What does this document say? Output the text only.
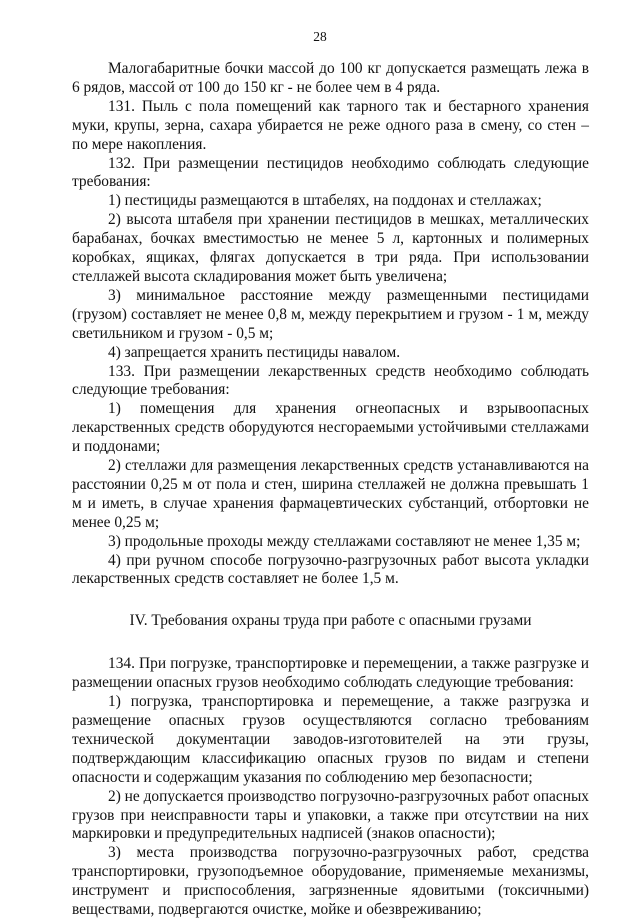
28

Малогабаритные бочки массой до 100 кг допускается размещать лежа в 6 рядов, массой от 100 до 150 кг - не более чем в 4 ряда.

131. Пыль с пола помещений как тарного так и бестарного хранения муки, крупы, зерна, сахара убирается не реже одного раза в смену, со стен – по мере накопления.

132. При размещении пестицидов необходимо соблюдать следующие требования:

1) пестициды размещаются в штабелях, на поддонах и стеллажах;

2) высота штабеля при хранении пестицидов в мешках, металлических барабанах, бочках вместимостью не менее 5 л, картонных и полимерных коробках, ящиках, флягах допускается в три ряда. При использовании стеллажей высота складирования может быть увеличена;

3) минимальное расстояние между размещенными пестицидами (грузом) составляет не менее 0,8 м, между перекрытием и грузом - 1 м, между светильником и грузом - 0,5 м;

4) запрещается хранить пестициды навалом.

133. При размещении лекарственных средств необходимо соблюдать следующие требования:

1) помещения для хранения огнеопасных и взрывоопасных лекарственных средств оборудуются несгораемыми устойчивыми стеллажами и поддонами;

2) стеллажи для размещения лекарственных средств устанавливаются на расстоянии 0,25 м от пола и стен, ширина стеллажей не должна превышать 1 м и иметь, в случае хранения фармацевтических субстанций, отбортовки не менее 0,25 м;

3) продольные проходы между стеллажами составляют не менее 1,35 м;

4) при ручном способе погрузочно-разгрузочных работ высота укладки лекарственных средств составляет не более 1,5 м.

IV. Требования охраны труда при работе с опасными грузами

134. При погрузке, транспортировке и перемещении, а также разгрузке и размещении опасных грузов необходимо соблюдать следующие требования:

1) погрузка, транспортировка и перемещение, а также разгрузка и размещение опасных грузов осуществляются согласно требованиям технической документации заводов-изготовителей на эти грузы, подтверждающим классификацию опасных грузов по видам и степени опасности и содержащим указания по соблюдению мер безопасности;

2) не допускается производство погрузочно-разгрузочных работ опасных грузов при неисправности тары и упаковки, а также при отсутствии на них маркировки и предупредительных надписей (знаков опасности);

3) места производства погрузочно-разгрузочных работ, средства транспортировки, грузоподъемное оборудование, применяемые механизмы, инструмент и приспособления, загрязненные ядовитыми (токсичными) веществами, подвергаются очистке, мойке и обезвреживанию;
